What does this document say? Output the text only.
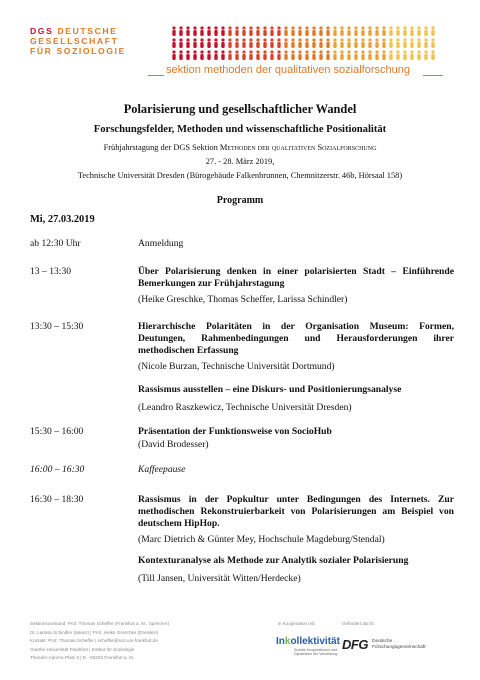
DGS DEUTSCHE
GESELLSCHAFT
FÜR SOZIOLOGIE
sektion methoden der qualitativen sozialforschung
Polarisierung und gesellschaftlicher Wandel
Forschungsfelder, Methoden und wissenschaftliche Positionalität
Frühjahrstagung der DGS Sektion Methoden der qualitativen Sozialforschung
27. - 28. März 2019,
Technische Universität Dresden (Bürogebäude Falkenbrunnen, Chemnitzerstr. 46b, Hörsaal 158)
Programm
Mi, 27.03.2019
ab 12:30 Uhr	Anmeldung
13 – 13:30	Über Polarisierung denken in einer polarisierten Stadt – Einführende Bemerkungen zur Frühjahrstagung
(Heike Greschke, Thomas Scheffer, Larissa Schindler)
13:30 – 15:30	Hierarchische Polaritäten in der Organisation Museum: Formen, Deutungen, Rahmenbedingungen und Herausforderungen ihrer methodischen Erfassung
(Nicole Burzan, Technische Universität Dortmund)
Rassismus ausstellen – eine Diskurs- und Positionierungsanalyse
(Leandro Raszkewicz, Technische Universität Dresden)
15:30 – 16:00	Präsentation der Funktionsweise von SocioHub
(David Brodesser)
16:00 – 16:30	Kaffeepause
16:30 – 18:30	Rassismus in der Popkultur unter Bedingungen des Internets. Zur methodischen Rekonstruierbarkeit von Polarisierungen am Beispiel von deutschem HipHop.
(Marc Dietrich & Günter Mey, Hochschule Magdeburg/Stendal)
Kontexturanalyse als Methode zur Analytik sozialer Polarisierung
(Till Jansen, Universität Witten/Herdecke)
Sektionsvorstand: Prof. Thomas Scheffer (Frankfurt a. M., Sprecher)
Dr. Larissa Schindler (Mainz) | Prof. Heike Greschke (Dresden)
Kontakt: Prof. Thomas Scheffer | scheffer@soz.uni-frankfurt.de
Goethe-Universität Frankfurt | Institut für Soziologie
Theodor-Adorno-Platz 6 | D - 60323 Frankfurt a. M.
in Kooperation mit:	Gefördert durch:
Inkollektivität
Soziale Kooperationen und Dynamiken der Vernetzung
DFG Deutsche Forschungsgemeinschaft
